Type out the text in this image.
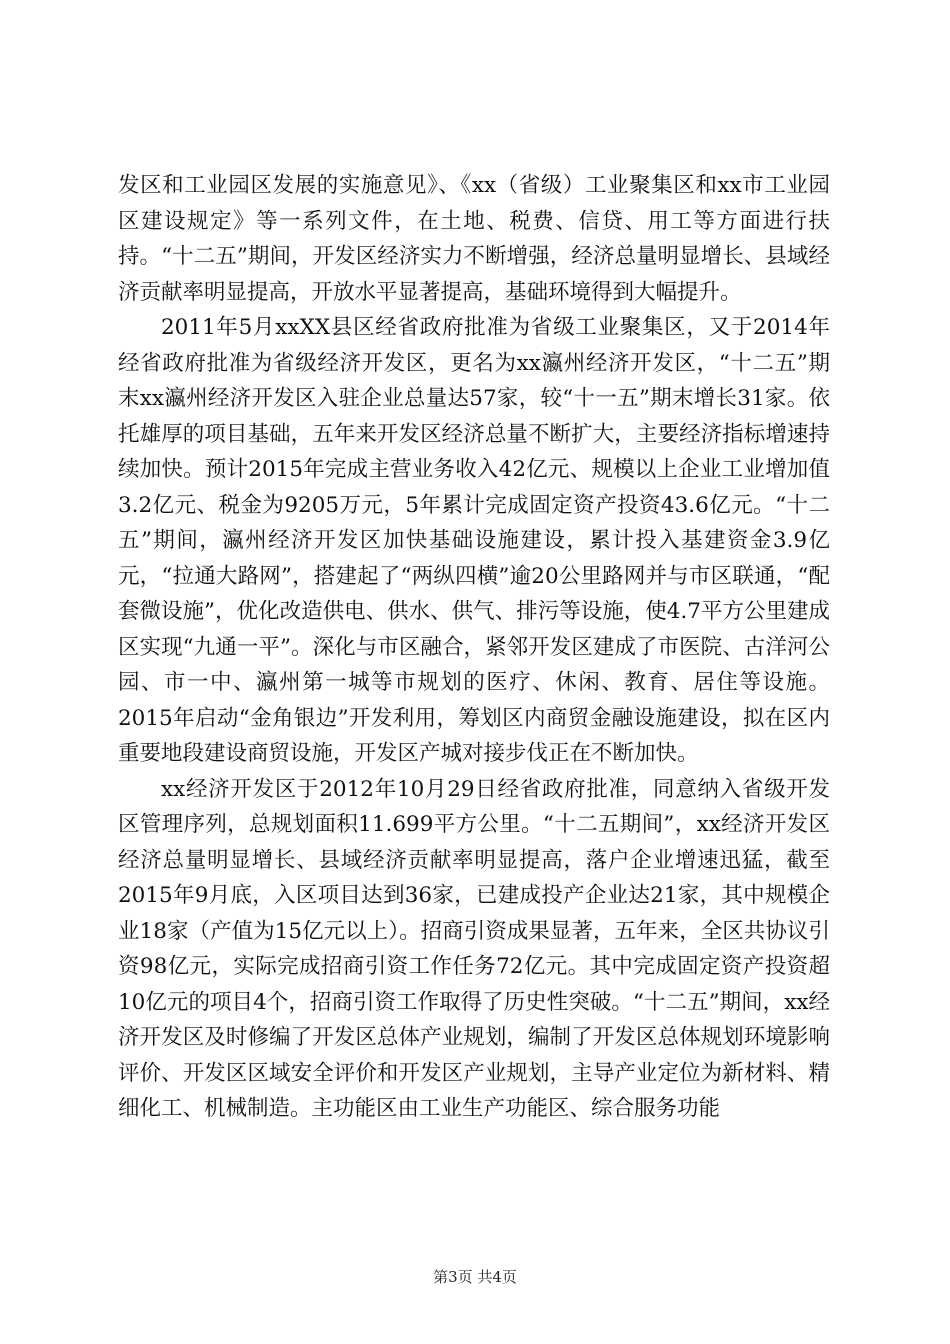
发区和工业园区发展的实施意见》、《xx（省级）工业聚集区和xx市工业园区建设规定》等一系列文件，在土地、税费、信贷、用工等方面进行扶持。“十二五”期间，开发区经济实力不断增强，经济总量明显增长、县域经济贡献率明显提高，开放水平显著提高，基础环境得到大幅提升。

2011年5月xxXX县区经省政府批准为省级工业聚集区，又于2014年经省政府批准为省级经济开发区，更名为xx瀛州经济开发区，“十二五”期末xx瀛州经济开发区入驻企业总量达57家，较“十一五”期末增长31家。依托雄厚的项目基础，五年来开发区经济总量不断扩大，主要经济指标增速持续加快。预计2015年完成主营业务收入42亿元、规模以上企业工业增加值3.2亿元、税金为9205万元，5年累计完成固定资产投资43.6亿元。“十二五”期间，瀛州经济开发区加快基础设施建设，累计投入基建资金3.9亿元，“拉通大路网”，搭建起了“两纵四横”逾20公里路网并与市区联通，“配套微设施”，优化改造供电、供水、供气、排污等设施，使4.7平方公里建成区实现“九通一平”。深化与市区融合，紧邻开发区建成了市医院、古洋河公园、市一中、瀛州第一城等市规划的医疗、休闲、教育、居住等设施。2015年启动“金角银边”开发利用，筹划区内商贸金融设施建设，拟在区内重要地段建设商贸设施，开发区产城对接步伐正在不断加快。

xx经济开发区于2012年10月29日经省政府批准，同意纳入省级开发区管理序列，总规划面积11.699平方公里。“十二五期间”，xx经济开发区经济总量明显增长、县域经济贡献率明显提高，落户企业增速迅猛，截至2015年9月底，入区项目达到36家，已建成投产企业达21家，其中规模企业18家（产值为15亿元以上）。招商引资成果显著，五年来，全区共协议引资98亿元，实际完成招商引资工作任务72亿元。其中完成固定资产投资超10亿元的项目4个，招商引资工作取得了历史性突破。“十二五”期间，xx经济开发区及时修编了开发区总体产业规划，编制了开发区总体规划环境影响评价、开发区区域安全评价和开发区产业规划，主导产业定位为新材料、精细化工、机械制造。主功能区由工业生产功能区、综合服务功能

第3页 共4页
